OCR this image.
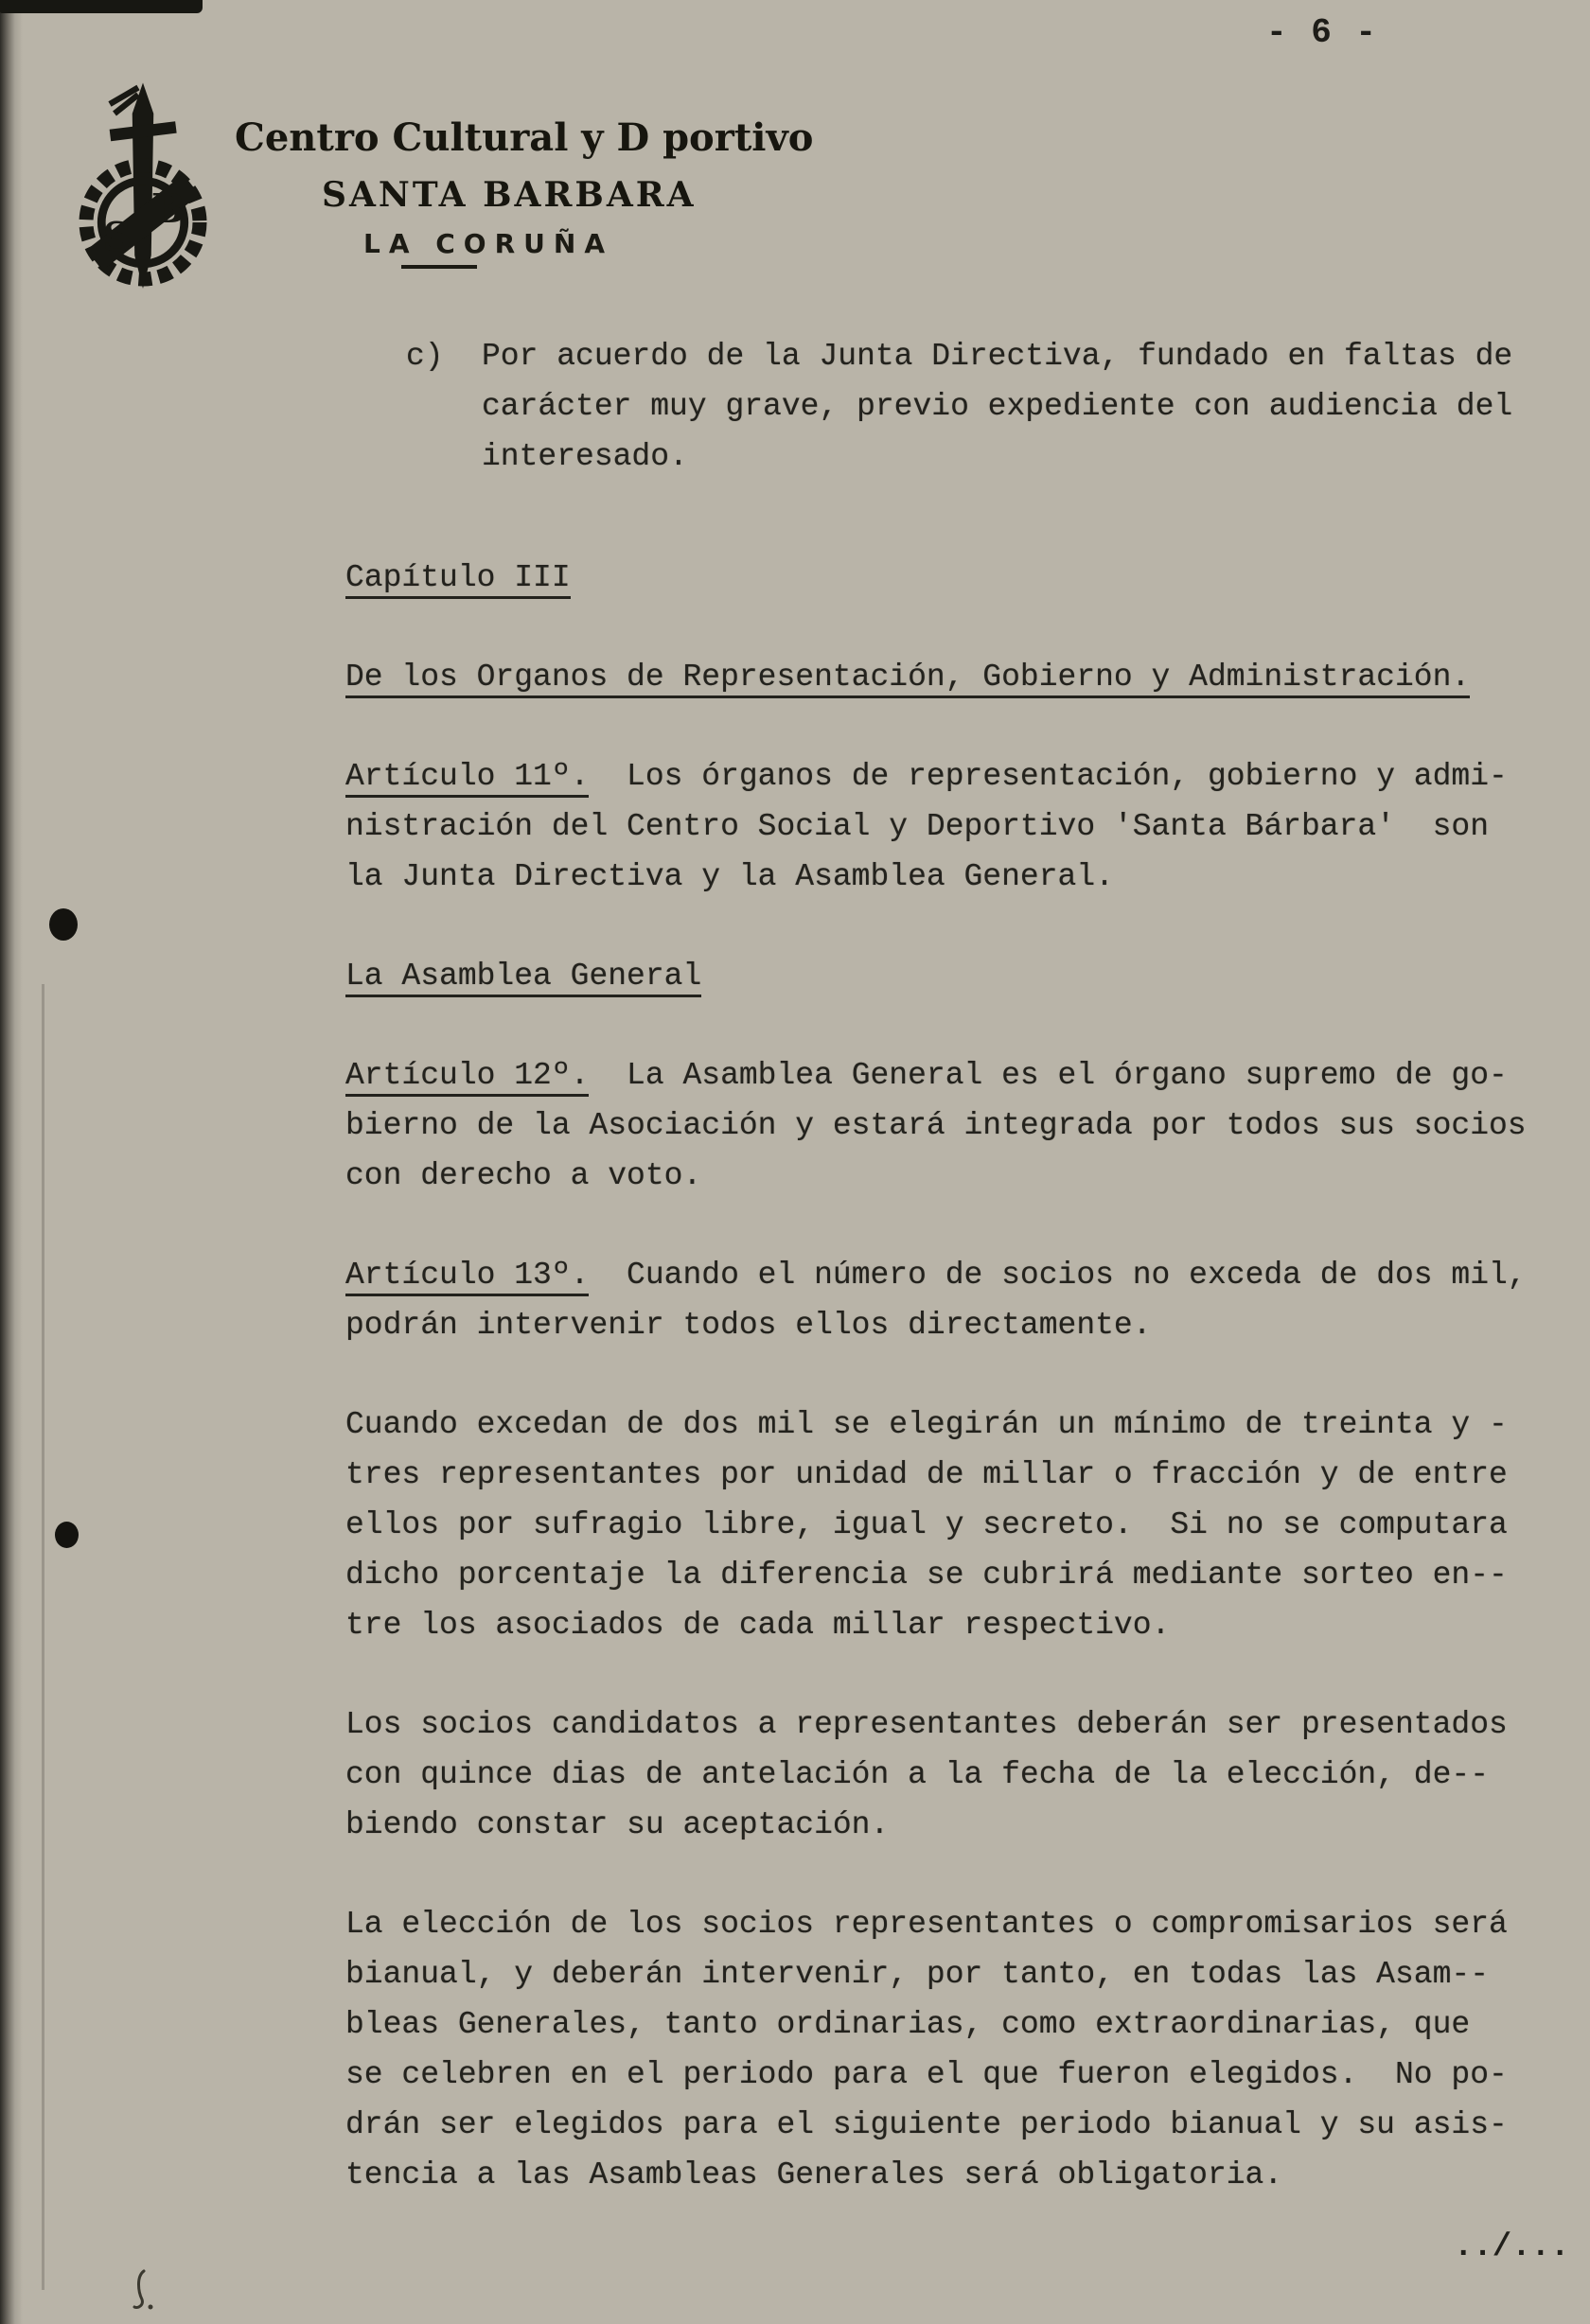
- 6 -
S
B
Centro Cultural y D portivo
SANTA BARBARA
LA CORUÑA
c) Por acuerdo de la Junta Directiva, fundado en faltas de
carácter muy grave, previo expediente con audiencia del
interesado.
Capítulo III
De los Organos de Representación, Gobierno y Administración.
Artículo 11º.  Los órganos de representación, gobierno y admi-
nistración del Centro Social y Deportivo 'Santa Bárbara'  son
la Junta Directiva y la Asamblea General.
La Asamblea General
Artículo 12º.  La Asamblea General es el órgano supremo de go-
bierno de la Asociación y estará integrada por todos sus socios
con derecho a voto.
Artículo 13º.  Cuando el número de socios no exceda de dos mil,
podrán intervenir todos ellos directamente.
Cuando excedan de dos mil se elegirán un mínimo de treinta y -
tres representantes por unidad de millar o fracción y de entre
ellos por sufragio libre, igual y secreto.  Si no se computara
dicho porcentaje la diferencia se cubrirá mediante sorteo en--
tre los asociados de cada millar respectivo.
Los socios candidatos a representantes deberán ser presentados
con quince dias de antelación a la fecha de la elección, de--
biendo constar su aceptación.
La elección de los socios representantes o compromisarios será
bianual, y deberán intervenir, por tanto, en todas las Asam--
bleas Generales, tanto ordinarias, como extraordinarias, que
se celebren en el periodo para el que fueron elegidos.  No po-
drán ser elegidos para el siguiente periodo bianual y su asis-
tencia a las Asambleas Generales será obligatoria.
../...
